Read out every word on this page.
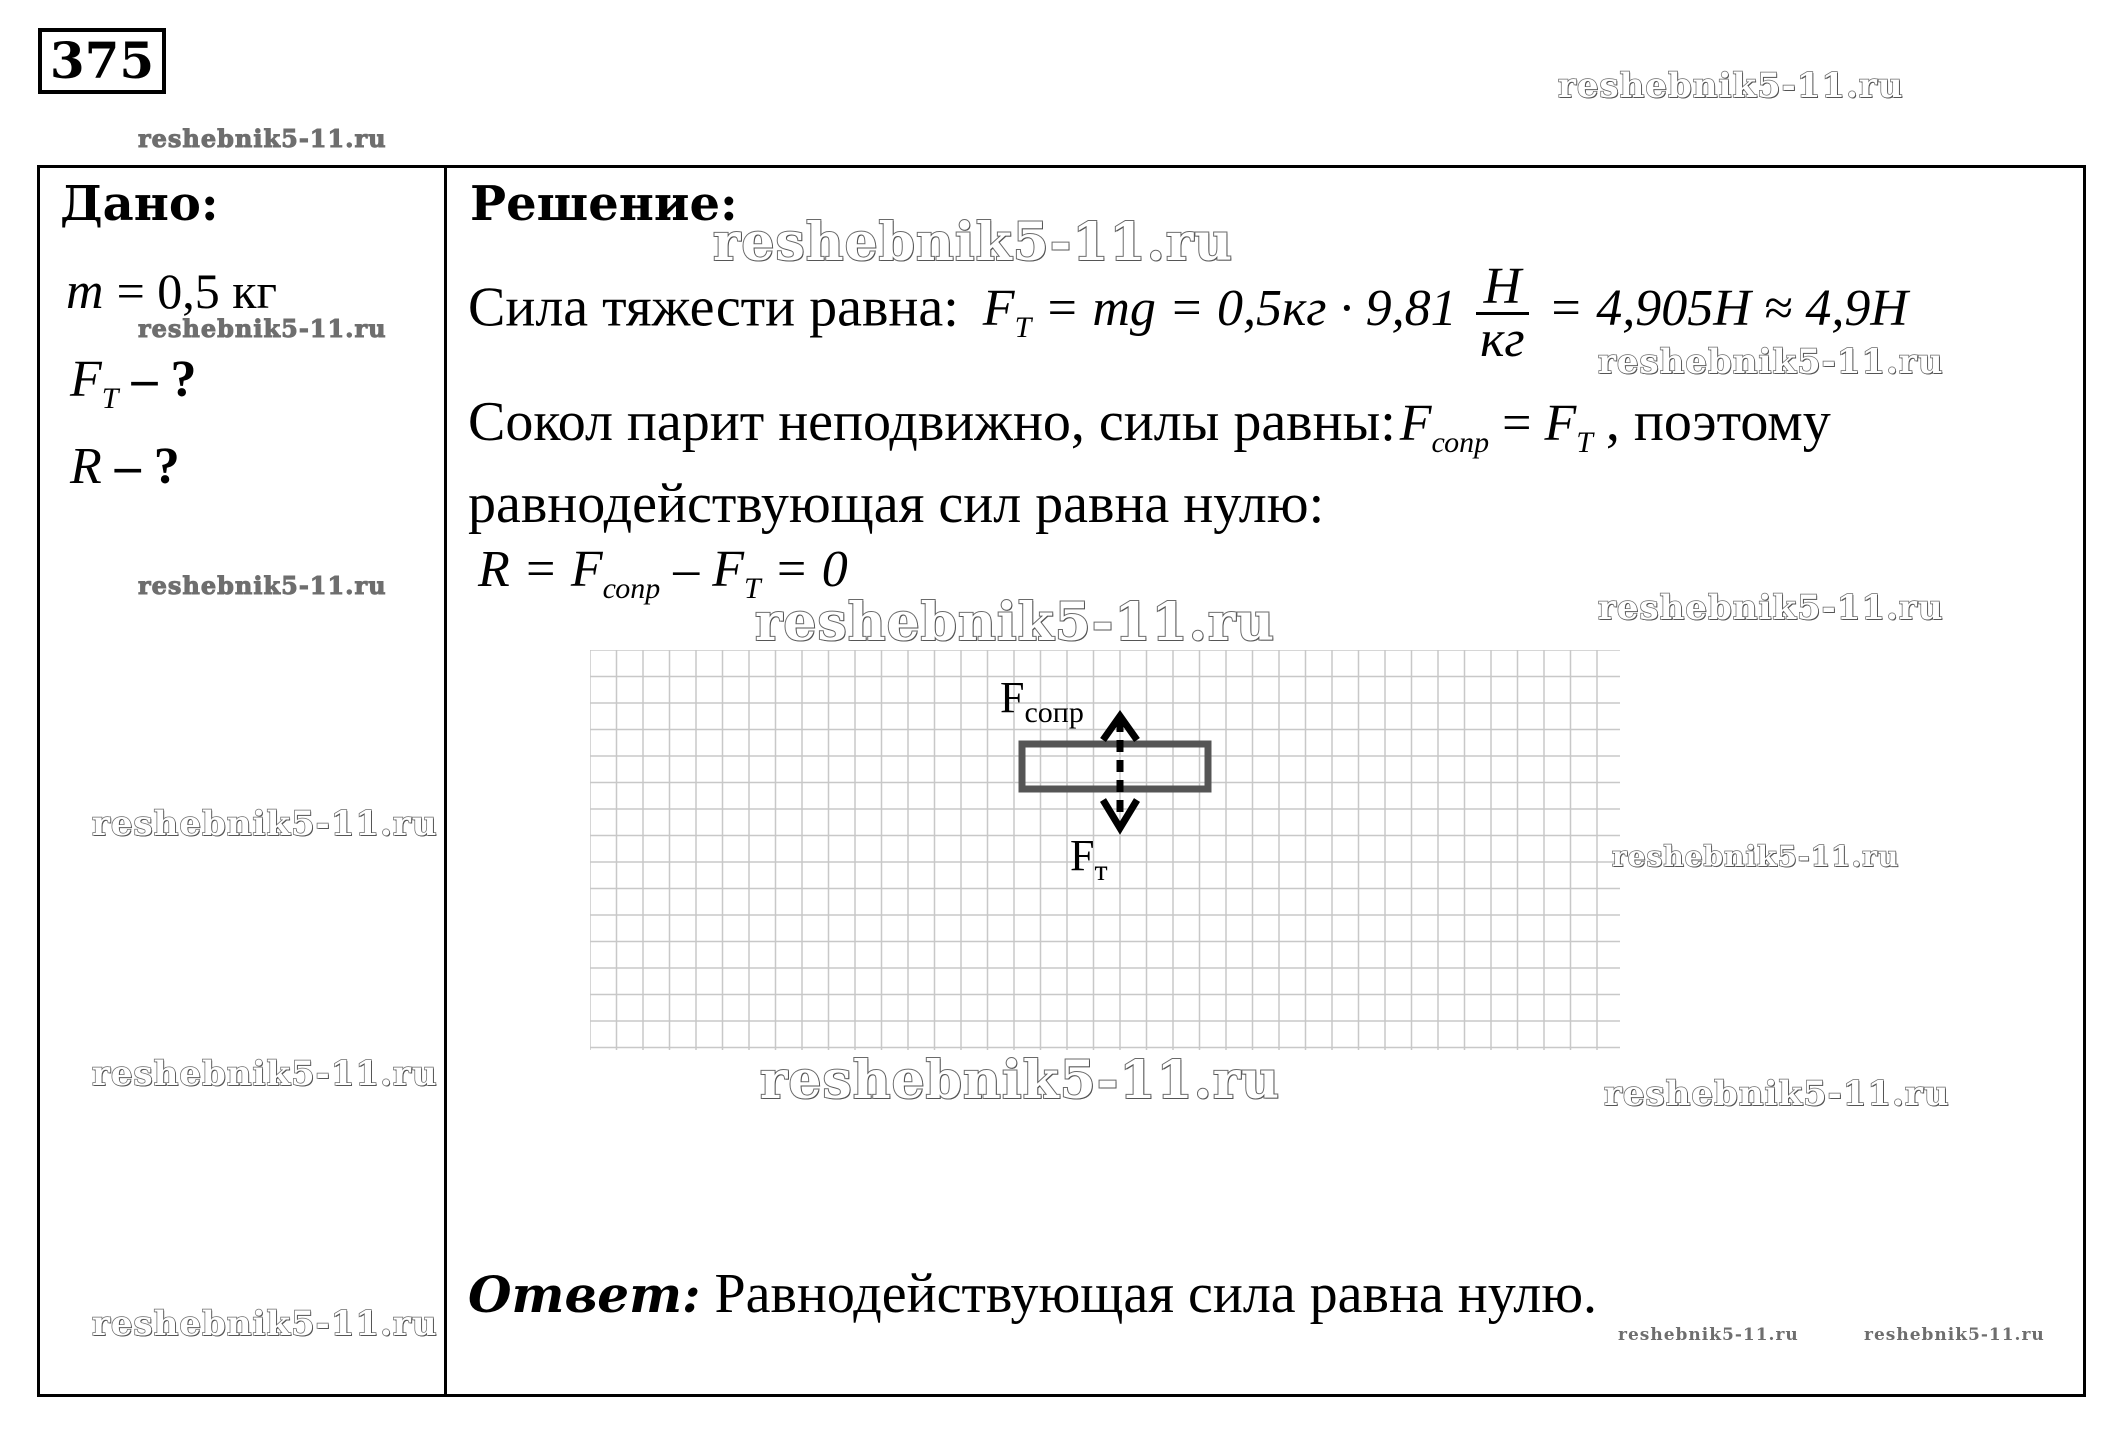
375
Дано:
m = 0,5 кг
$F_T$ – ?
R – ?
Решение:
Сила тяжести равна: $F_T$ = mg = $0,5кг \cdot 9,81 \frac{H}{кг} = 4,905H \approx 4,9H$
Сокол парит неподвижно, силы равны: $F_{сопр} = F_T$ , поэтому
равнодействующая сил равна нулю:
$R = F_{сопр} - F_T = 0$
$F_{сопр}$
$F_т$
Ответ: Равнодействующая сила равна нулю.
reshebnik5-11.ru
reshebnik5-11.ru
reshebnik5-11.ru
reshebnik5-11.ru
reshebnik5-11.ru
reshebnik5-11.ru
reshebnik5-11.ru	reshebnik5-11.ru
reshebnik5-11.ru
reshebnik5-11.ru
reshebnik5-11.ru	reshebnik5-11.ru	reshebnik5-11.ru
reshebnik5-11.ru	reshebnik5-11.ru	reshebnik5-11.ru
